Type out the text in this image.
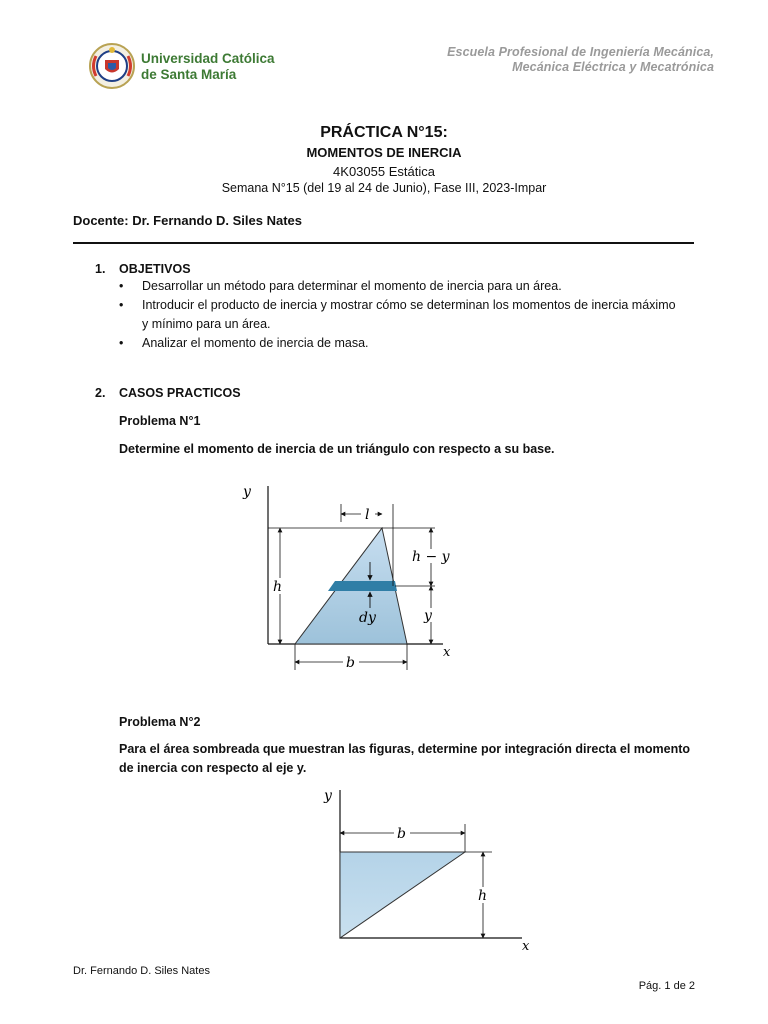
Universidad Católica
de Santa María
Escuela Profesional de Ingeniería Mecánica,
Mecánica Eléctrica y Mecatrónica
PRÁCTICA N°15:
MOMENTOS DE INERCIA
4K03055 Estática
Semana N°15 (del 19 al 24 de Junio), Fase III, 2023-Impar
Docente: Dr. Fernando D. Siles Nates
1. OBJETIVOS
• Desarrollar un método para determinar el momento de inercia para un área.
• Introducir el producto de inercia y mostrar cómo se determinan los momentos de inercia máximo
y mínimo para un área.
• Analizar el momento de inercia de masa.
2. CASOS PRACTICOS
Problema N°1
Determine el momento de inercia de un triángulo con respecto a su base.
y
x
l
h
h − y
y
dy
b
Problema N°2
Para el área sombreada que muestran las figuras, determine por integración directa el momento
de inercia con respecto al eje y.
y
x
b
h
Dr. Fernando D. Siles Nates
Pág. 1 de 2
